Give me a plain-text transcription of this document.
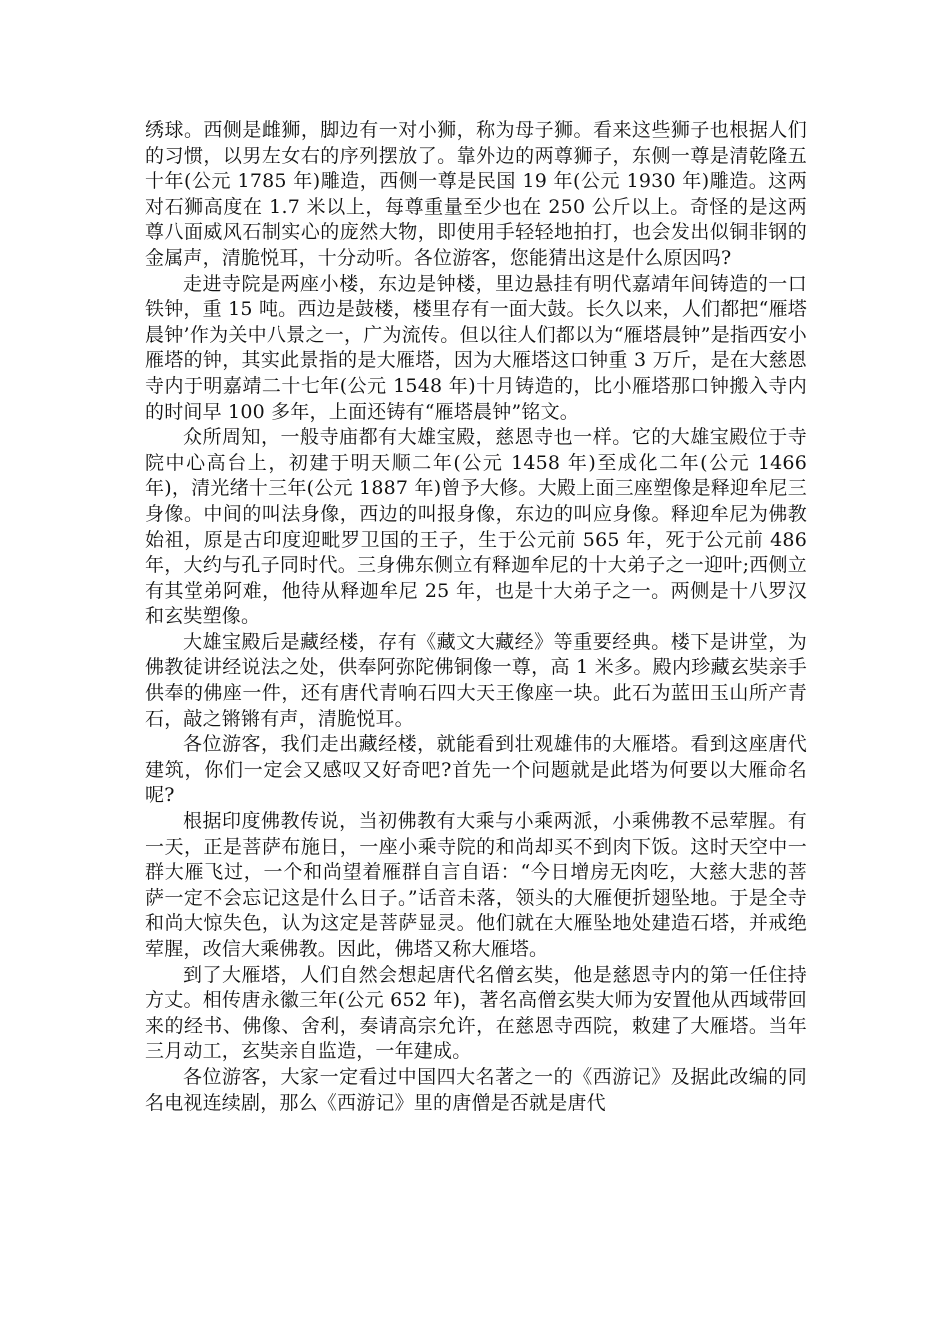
绣球。西侧是雌狮，脚边有一对小狮，称为母子狮。看来这些狮子也根据人们的习惯，以男左女右的序列摆放了。靠外边的两尊狮子，东侧一尊是清乾隆五十年(公元 1785 年)雕造，西侧一尊是民国 19 年(公元 1930 年)雕造。这两对石狮高度在 1.7 米以上，每尊重量至少也在 250 公斤以上。奇怪的是这两尊八面威风石制实心的庞然大物，即使用手轻轻地拍打，也会发出似铜非钢的金属声，清脆悦耳，十分动听。各位游客，您能猜出这是什么原因吗?

走进寺院是两座小楼，东边是钟楼，里边悬挂有明代嘉靖年间铸造的一口铁钟，重 15 吨。西边是鼓楼，楼里存有一面大鼓。长久以来，人们都把“雁塔晨钟’作为关中八景之一，广为流传。但以往人们都以为“雁塔晨钟”是指西安小雁塔的钟，其实此景指的是大雁塔，因为大雁塔这口钟重 3 万斤，是在大慈恩寺内于明嘉靖二十七年(公元 1548 年)十月铸造的，比小雁塔那口钟搬入寺内的时间早 100 多年，上面还铸有“雁塔晨钟”铭文。

众所周知，一般寺庙都有大雄宝殿，慈恩寺也一样。它的大雄宝殿位于寺院中心高台上，初建于明天顺二年(公元 1458 年)至成化二年(公元 1466 年)，清光绪十三年(公元 1887 年)曾予大修。大殿上面三座塑像是释迎牟尼三身像。中间的叫法身像，西边的叫报身像，东边的叫应身像。释迎牟尼为佛教始祖，原是古印度迎毗罗卫国的王子，生于公元前 565 年，死于公元前 486 年，大约与孔子同时代。三身佛东侧立有释迦牟尼的十大弟子之一迎叶;西侧立有其堂弟阿难，他待从释迦牟尼 25 年，也是十大弟子之一。两侧是十八罗汉和玄奘塑像。

大雄宝殿后是藏经楼，存有《藏文大藏经》等重要经典。楼下是讲堂，为佛教徒讲经说法之处，供奉阿弥陀佛铜像一尊，高 1 米多。殿内珍藏玄奘亲手供奉的佛座一件，还有唐代青响石四大天王像座一块。此石为蓝田玉山所产青石，敲之锵锵有声，清脆悦耳。

各位游客，我们走出藏经楼，就能看到壮观雄伟的大雁塔。看到这座唐代建筑，你们一定会又感叹又好奇吧?首先一个问题就是此塔为何要以大雁命名呢?

根据印度佛教传说，当初佛教有大乘与小乘两派，小乘佛教不忌荤腥。有一天，正是菩萨布施日，一座小乘寺院的和尚却买不到肉下饭。这时天空中一群大雁飞过，一个和尚望着雁群自言自语：“今日增房无肉吃，大慈大悲的菩萨一定不会忘记这是什么日子。”话音未落，领头的大雁便折翅坠地。于是全寺和尚大惊失色，认为这定是菩萨显灵。他们就在大雁坠地处建造石塔，并戒绝荤腥，改信大乘佛教。因此，佛塔又称大雁塔。

到了大雁塔，人们自然会想起唐代名僧玄奘，他是慈恩寺内的第一任住持方丈。相传唐永徽三年(公元 652 年)，著名高僧玄奘大师为安置他从西域带回来的经书、佛像、舍利，奏请高宗允许，在慈恩寺西院，敕建了大雁塔。当年三月动工，玄奘亲自监造，一年建成。

各位游客，大家一定看过中国四大名著之一的《西游记》及据此改编的同名电视连续剧，那么《西游记》里的唐僧是否就是唐代
